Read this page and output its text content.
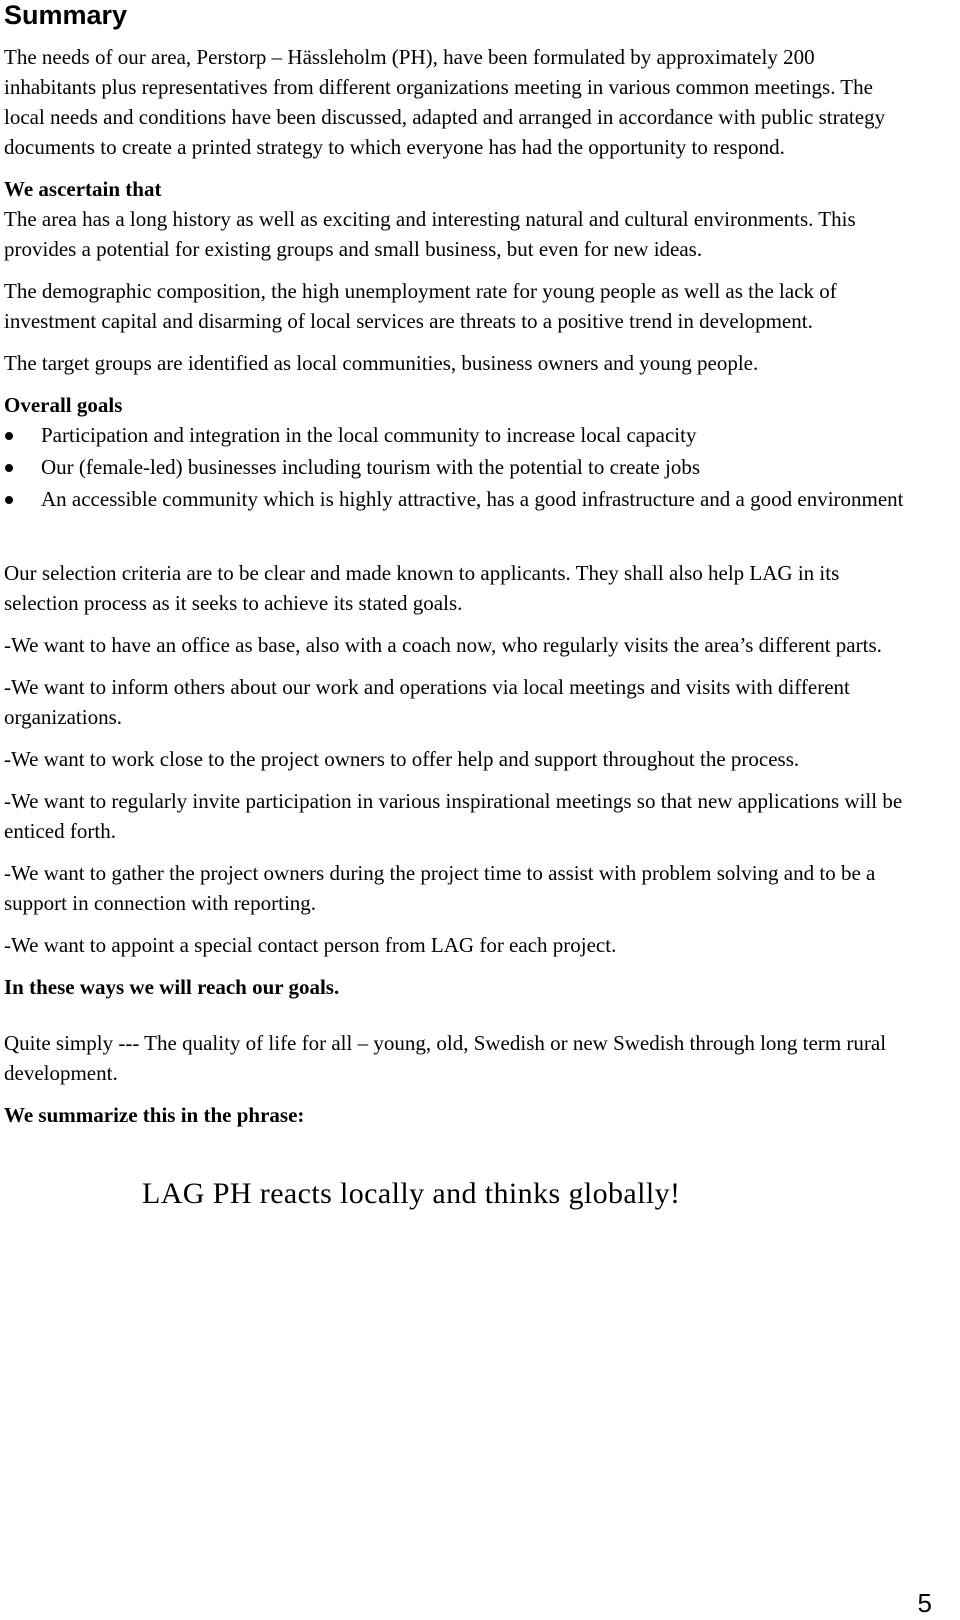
Summary

The needs of our area, Perstorp – Hässleholm (PH), have been formulated by approximately 200 inhabitants plus representatives from different organizations meeting in various common meetings. The local needs and conditions have been discussed, adapted and arranged in accordance with public strategy documents to create a printed strategy to which everyone has had the opportunity to respond.

We ascertain that
The area has a long history as well as exciting and interesting natural and cultural environments. This provides a potential for existing groups and small business, but even for new ideas.

The demographic composition, the high unemployment rate for young people as well as the lack of investment capital and disarming of local services are threats to a positive trend in development.

The target groups are identified as local communities, business owners and young people.

Overall goals
Participation and integration in the local community to increase local capacity
Our (female-led) businesses including tourism with the potential to create jobs
An accessible community which is highly attractive, has a good infrastructure and a good environment

Our selection criteria are to be clear and made known to applicants. They shall also help LAG in its selection process as it seeks to achieve its stated goals.

-We want to have an office as base, also with a coach now, who regularly visits the area’s different parts.

-We want to inform others about our work and operations via local meetings and visits with different organizations.

-We want to work close to the project owners to offer help and support throughout the process.

-We want to regularly invite participation in various inspirational meetings so that new applications will be enticed forth.

-We want to gather the project owners during the project time to assist with problem solving and to be a support in connection with reporting.

-We want to appoint a special contact person from LAG for each project.

In these ways we will reach our goals.

Quite simply --- The quality of life for all – young, old, Swedish or new Swedish through long term rural development.

We summarize this in the phrase:

LAG PH reacts locally and thinks globally!
5
